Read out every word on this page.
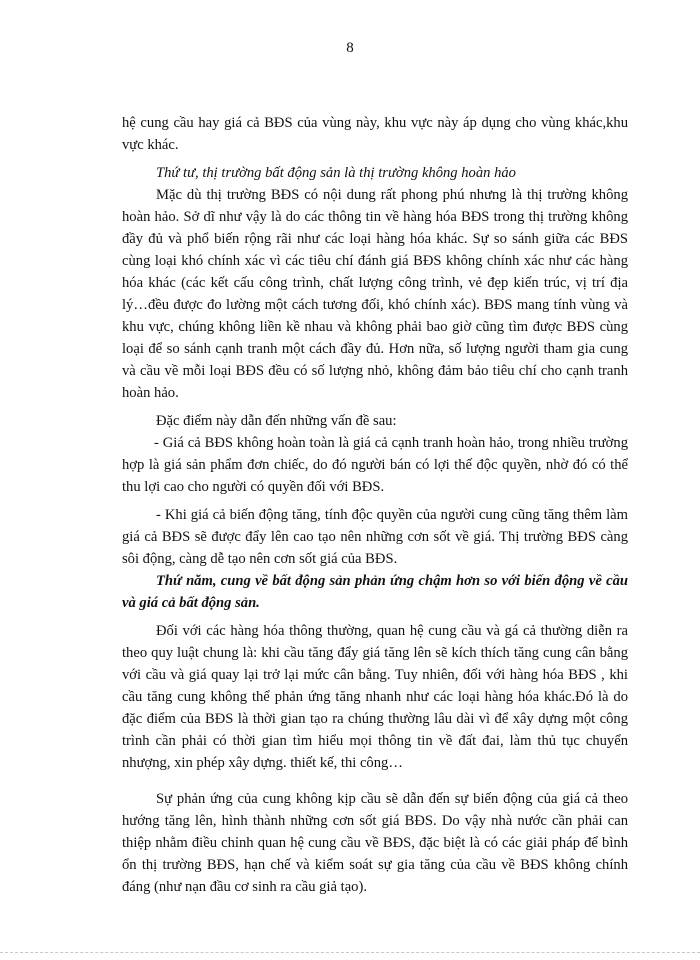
8

hệ cung cầu hay giá cả BĐS của vùng này, khu vực này áp dụng cho vùng khác,khu vực khác.

Thứ tư, thị trường bất động sản là thị trường không hoàn hảo

Mặc dù thị trường BĐS có nội dung rất phong phú nhưng là thị trường không hoàn hảo. Sở dĩ như vậy là do các thông tin về hàng hóa BĐS trong thị trường không đầy đủ và phổ biến rộng rãi như các loại hàng hóa khác. Sự so sánh giữa các BĐS cùng loại khó chính xác vì các tiêu chí đánh giá BĐS không chính xác như các hàng hóa khác (các kết cấu công trình, chất lượng công trình, vẻ đẹp kiến trúc, vị trí địa lý…đều được đo lường một cách tương đối, khó chính xác). BĐS mang tính vùng và khu vực, chúng không liền kề nhau và không phải bao giờ cũng tìm được BĐS cùng loại để so sánh cạnh tranh một cách đầy đủ. Hơn nữa, số lượng người tham gia cung và cầu về mỗi loại BĐS đều có số lượng nhỏ, không đảm bảo tiêu chí cho cạnh tranh hoàn hảo.

Đặc điểm này dẫn đến những vấn đề sau:

- Giá cả BĐS không hoàn toàn là giá cả cạnh tranh hoàn hảo, trong nhiều trường hợp là giá sản phẩm đơn chiếc, do đó người bán có lợi thế độc quyền, nhờ đó có thể thu lợi cao cho người có quyền đối với BĐS.

- Khi giá cả biến động tăng, tính độc quyền của người cung cũng tăng thêm làm giá cả BĐS sẽ được đẩy lên cao tạo nên những cơn sốt về giá. Thị trường BĐS càng sôi động, càng dễ tạo nên cơn sốt giá của BĐS.

Thứ năm, cung về bất động sản phản ứng chậm hơn so với biến động về cầu và giá cả bất động sản.

Đối với các hàng hóa thông thường, quan hệ cung cầu và gá cả thường diễn ra theo quy luật chung là: khi cầu tăng đẩy giá tăng lên sẽ kích thích tăng cung cân bằng với cầu và giá quay lại trở lại mức cân bằng. Tuy nhiên, đối với hàng hóa BĐS , khi cầu tăng cung không thể phản ứng tăng nhanh như các loại hàng hóa khác.Đó là do đặc điểm của BĐS là thời gian tạo ra chúng thường lâu dài vì để xây dựng một công trình cần phải có thời gian tìm hiểu mọi thông tin về đất đai, làm thủ tục chuyển nhượng, xin phép xây dựng. thiết kế, thi công…

Sự phản ứng của cung không kịp cầu sẽ dẫn đến sự biến động của giá cả theo hướng tăng lên, hình thành những cơn sốt giá BĐS. Do vậy nhà nước cần phải can thiệp nhằm điều chỉnh quan hệ cung cầu về BĐS, đặc biệt là có các giải pháp để bình ổn thị trường BĐS, hạn chế và kiểm soát sự gia tăng của cầu về BĐS không chính đáng (như nạn đầu cơ sinh ra cầu giả tạo).
